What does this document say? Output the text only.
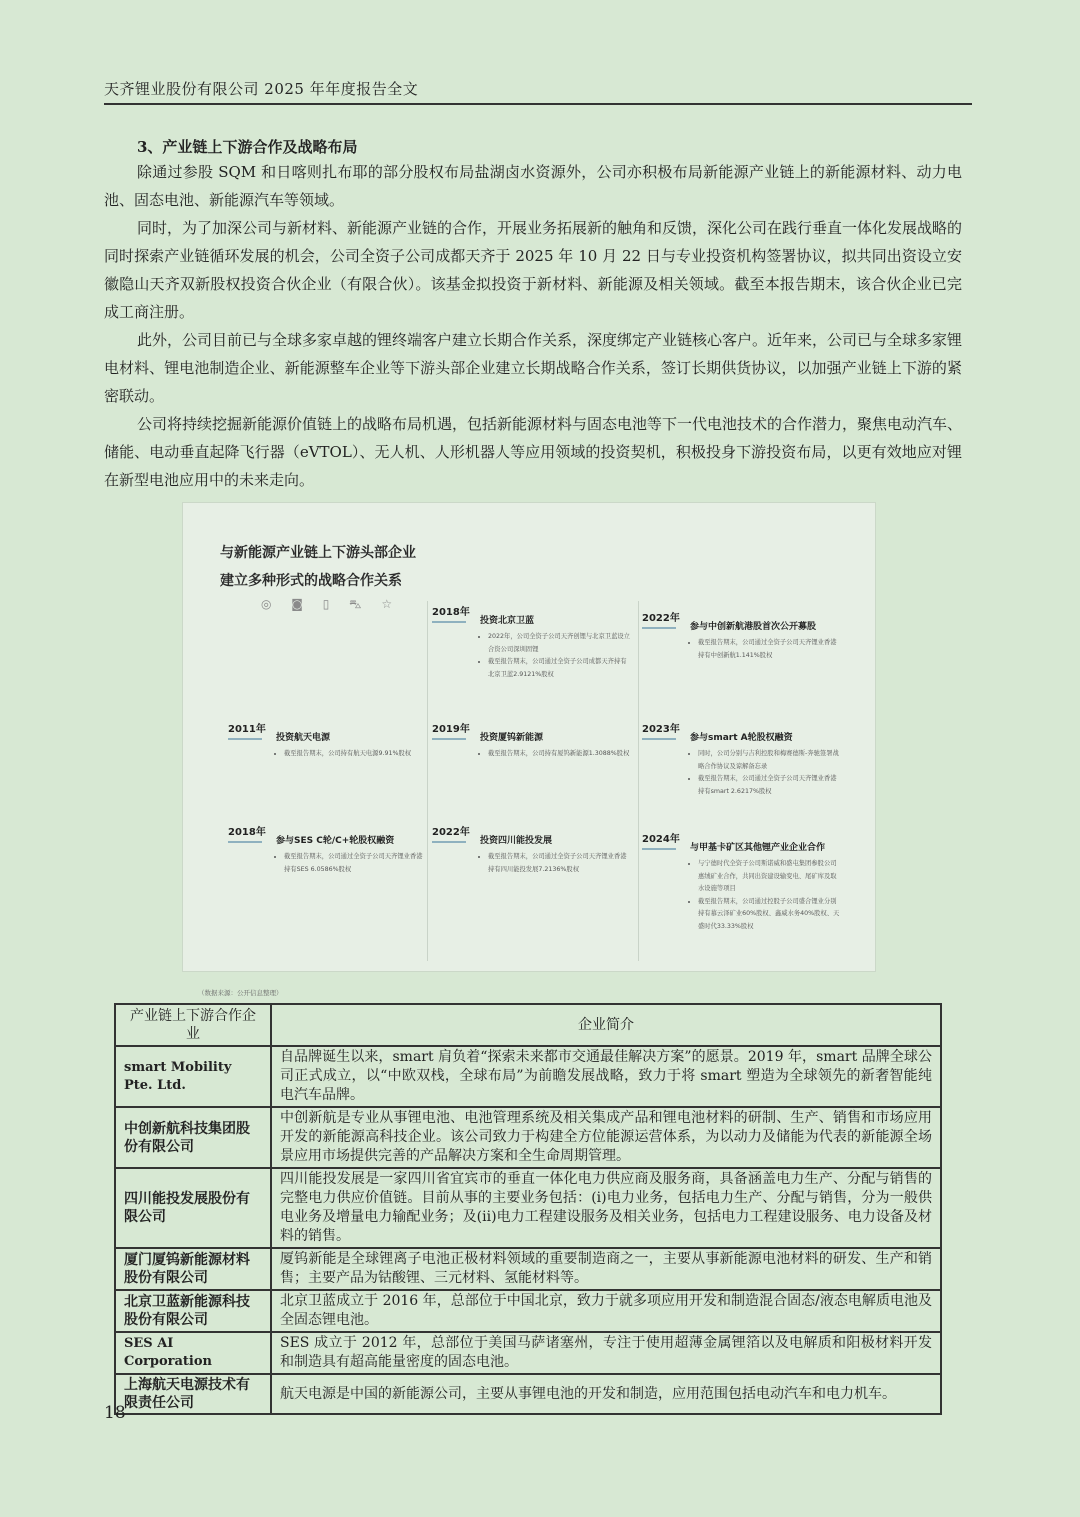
天齐锂业股份有限公司 2025 年年度报告全文
3、产业链上下游合作及战略布局

除通过参股 SQM 和日喀则扎布耶的部分股权布局盐湖卤水资源外，公司亦积极布局新能源产业链上的新能源材料、动力电池、固态电池、新能源汽车等领域。

同时，为了加深公司与新材料、新能源产业链的合作，开展业务拓展新的触角和反馈，深化公司在践行垂直一体化发展战略的同时探索产业链循环发展的机会，公司全资子公司成都天齐于 2025 年 10 月 22 日与专业投资机构签署协议，拟共同出资设立安徽隐山天齐双新股权投资合伙企业（有限合伙）。该基金拟投资于新材料、新能源及相关领域。截至本报告期末，该合伙企业已完成工商注册。

此外，公司目前已与全球多家卓越的锂终端客户建立长期合作关系，深度绑定产业链核心客户。近年来，公司已与全球多家锂电材料、锂电池制造企业、新能源整车企业等下游头部企业建立长期战略合作关系，签订长期供货协议，以加强产业链上下游的紧密联动。

公司将持续挖掘新能源价值链上的战略布局机遇，包括新能源材料与固态电池等下一代电池技术的合作潜力，聚焦电动汽车、储能、电动垂直起降飞行器（eVTOL）、无人机、人形机器人等应用领域的投资契机，积极投身下游投资布局，以更有效地应对锂在新型电池应用中的未来走向。

与新能源产业链上下游头部企业
建立多种形式的战略合作关系
◎ ◙ ▯ ⛍ ☆
2011年
投资航天电源
• 截至报告期末，公司持有航天电源9.91%股权
2018年
参与SES C轮/C+轮股权融资
• 截至报告期末，公司通过全资子公司天齐锂业香港持有SES 6.0586%股权
2018年
投资北京卫蓝
• 2022年，公司全资子公司天齐创锂与北京卫蓝设立合资公司深圳固锂
• 截至报告期末，公司通过全资子公司成都天齐持有北京卫蓝2.9121%股权
2019年
投资厦钨新能源
• 截至报告期末，公司持有厦钨新能源1.3088%股权
2022年
投资四川能投发展
• 截至报告期末，公司通过全资子公司天齐锂业香港持有四川能投发展7.2136%股权
2022年
参与中创新航港股首次公开募股
• 截至报告期末，公司通过全资子公司天齐锂业香港持有中创新航1.141%股权
2023年
参与smart A轮股权融资
• 同时，公司分别与吉利控股和梅赛德斯-奔驰签署战略合作协议及谅解备忘录
• 截至报告期末，公司通过全资子公司天齐锂业香港持有smart 2.6217%股权
2024年
与甲基卡矿区其他锂产业企业合作
• 与宁德时代全资子公司斯诺威和盛屯集团参股公司惠绒矿业合作，共同出资建设输变电、尾矿库及取水设施等项目
• 截至报告期末，公司通过控股子公司盛合锂业分别持有慕云泽矿业60%股权、鑫威水务40%股权、天盛时代33.33%股权
（数据来源：公开信息整理）
产业链上下游合作企业	企业简介
smart Mobility Pte. Ltd.	自品牌诞生以来，smart 肩负着“探索未来都市交通最佳解决方案”的愿景。2019 年，smart 品牌全球公司正式成立，以“中欧双栈，全球布局”为前瞻发展战略，致力于将 smart 塑造为全球领先的新奢智能纯电汽车品牌。
中创新航科技集团股份有限公司	中创新航是专业从事锂电池、电池管理系统及相关集成产品和锂电池材料的研制、生产、销售和市场应用开发的新能源高科技企业。该公司致力于构建全方位能源运营体系，为以动力及储能为代表的新能源全场景应用市场提供完善的产品解决方案和全生命周期管理。
四川能投发展股份有限公司	四川能投发展是一家四川省宜宾市的垂直一体化电力供应商及服务商，具备涵盖电力生产、分配与销售的完整电力供应价值链。目前从事的主要业务包括：(i)电力业务，包括电力生产、分配与销售，分为一般供电业务及增量电力输配业务；及(ii)电力工程建设服务及相关业务，包括电力工程建设服务、电力设备及材料的销售。
厦门厦钨新能源材料股份有限公司	厦钨新能是全球锂离子电池正极材料领域的重要制造商之一，主要从事新能源电池材料的研发、生产和销售；主要产品为钴酸锂、三元材料、氢能材料等。
北京卫蓝新能源科技股份有限公司	北京卫蓝成立于 2016 年，总部位于中国北京，致力于就多项应用开发和制造混合固态/液态电解质电池及全固态锂电池。
SES AI Corporation	SES 成立于 2012 年，总部位于美国马萨诸塞州，专注于使用超薄金属锂箔以及电解质和阳极材料开发和制造具有超高能量密度的固态电池。
上海航天电源技术有限责任公司	航天电源是中国的新能源公司，主要从事锂电池的开发和制造，应用范围包括电动汽车和电力机车。
18
